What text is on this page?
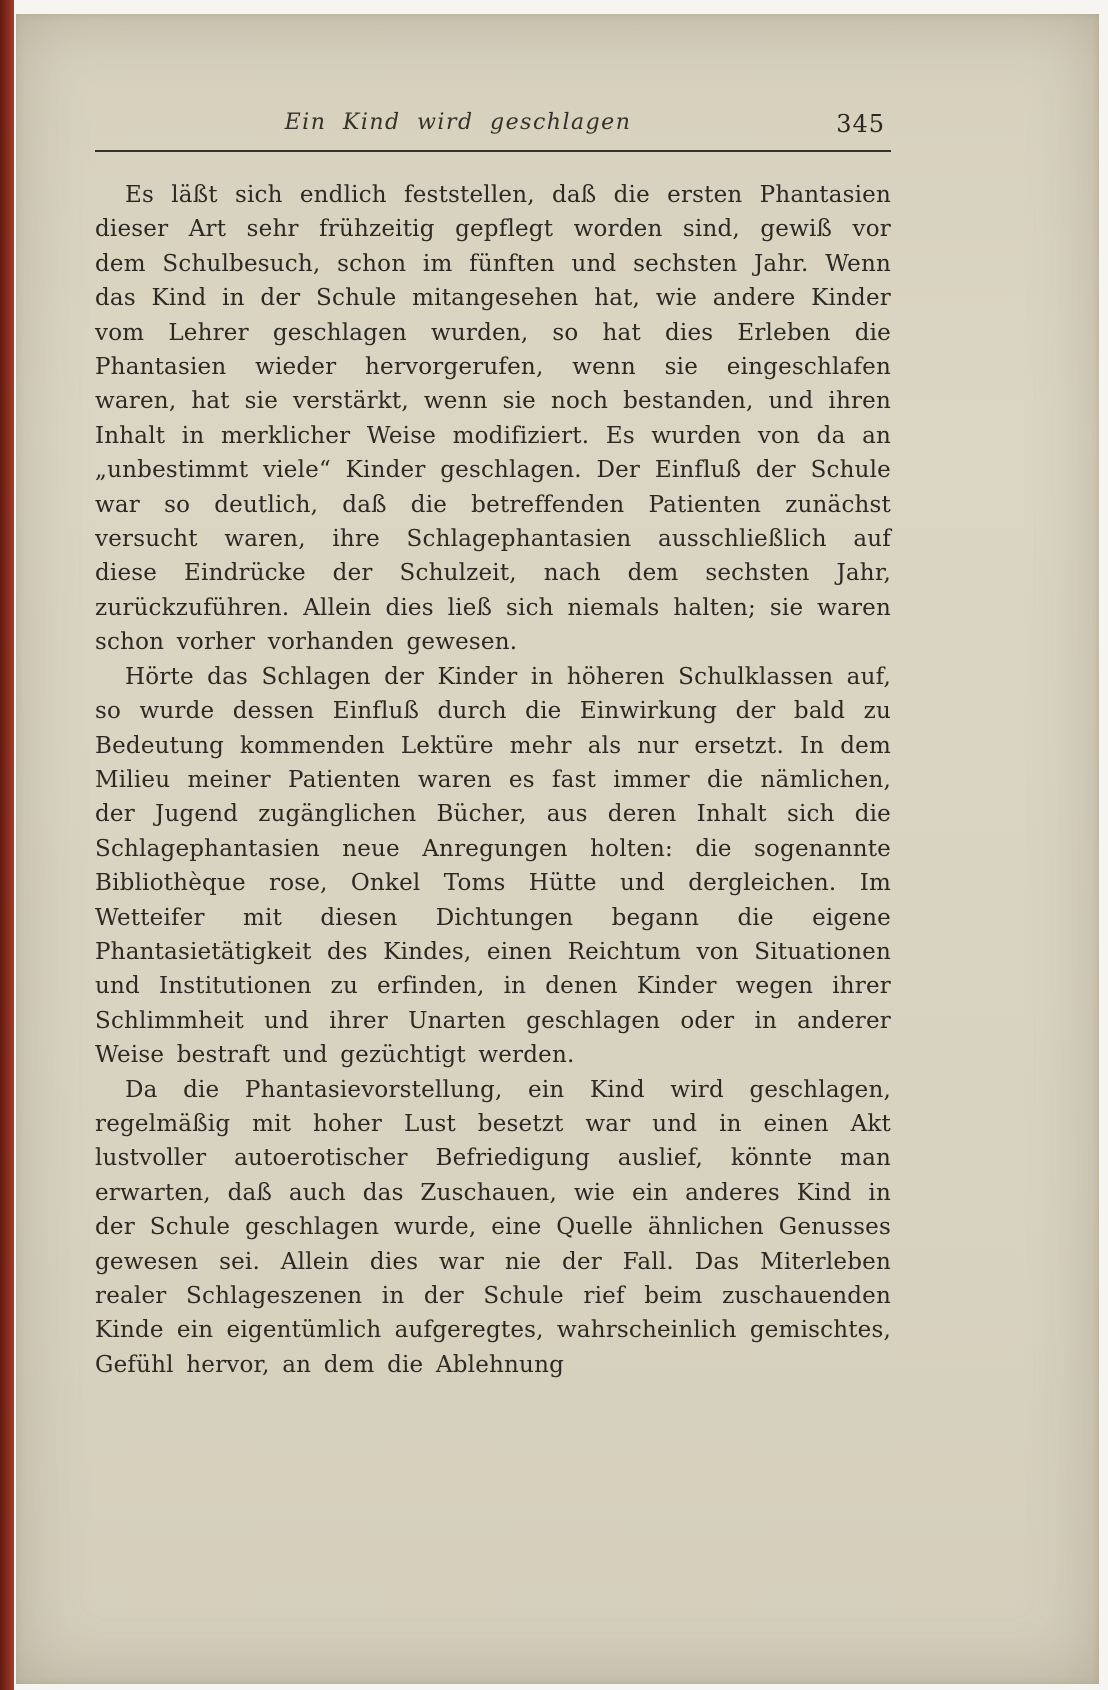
Ein Kind wird geschlagen	345

Es läßt sich endlich feststellen, daß die ersten Phantasien dieser Art sehr frühzeitig gepflegt worden sind, gewiß vor dem Schulbesuch, schon im fünften und sechsten Jahr. Wenn das Kind in der Schule mitangesehen hat, wie andere Kinder vom Lehrer geschlagen wurden, so hat dies Erleben die Phantasien wieder hervorgerufen, wenn sie eingeschlafen waren, hat sie verstärkt, wenn sie noch bestanden, und ihren Inhalt in merklicher Weise modifiziert. Es wurden von da an „unbestimmt viele“ Kinder geschlagen. Der Einfluß der Schule war so deutlich, daß die betreffenden Patienten zunächst versucht waren, ihre Schlagephantasien ausschließlich auf diese Eindrücke der Schulzeit, nach dem sechsten Jahr, zurückzuführen. Allein dies ließ sich niemals halten; sie waren schon vorher vorhanden gewesen.

Hörte das Schlagen der Kinder in höheren Schulklassen auf, so wurde dessen Einfluß durch die Einwirkung der bald zu Bedeutung kommenden Lektüre mehr als nur ersetzt. In dem Milieu meiner Patienten waren es fast immer die nämlichen, der Jugend zugänglichen Bücher, aus deren Inhalt sich die Schlagephantasien neue Anregungen holten: die sogenannte Bibliothèque rose, Onkel Toms Hütte und dergleichen. Im Wetteifer mit diesen Dichtungen begann die eigene Phantasietätigkeit des Kindes, einen Reichtum von Situationen und Institutionen zu erfinden, in denen Kinder wegen ihrer Schlimmheit und ihrer Unarten geschlagen oder in anderer Weise bestraft und gezüchtigt werden.

Da die Phantasievorstellung, ein Kind wird geschlagen, regelmäßig mit hoher Lust besetzt war und in einen Akt lustvoller autoerotischer Befriedigung auslief, könnte man erwarten, daß auch das Zuschauen, wie ein anderes Kind in der Schule geschlagen wurde, eine Quelle ähnlichen Genusses gewesen sei. Allein dies war nie der Fall. Das Miterleben realer Schlageszenen in der Schule rief beim zuschauenden Kinde ein eigentümlich aufgeregtes, wahrscheinlich gemischtes, Gefühl hervor, an dem die Ablehnung
